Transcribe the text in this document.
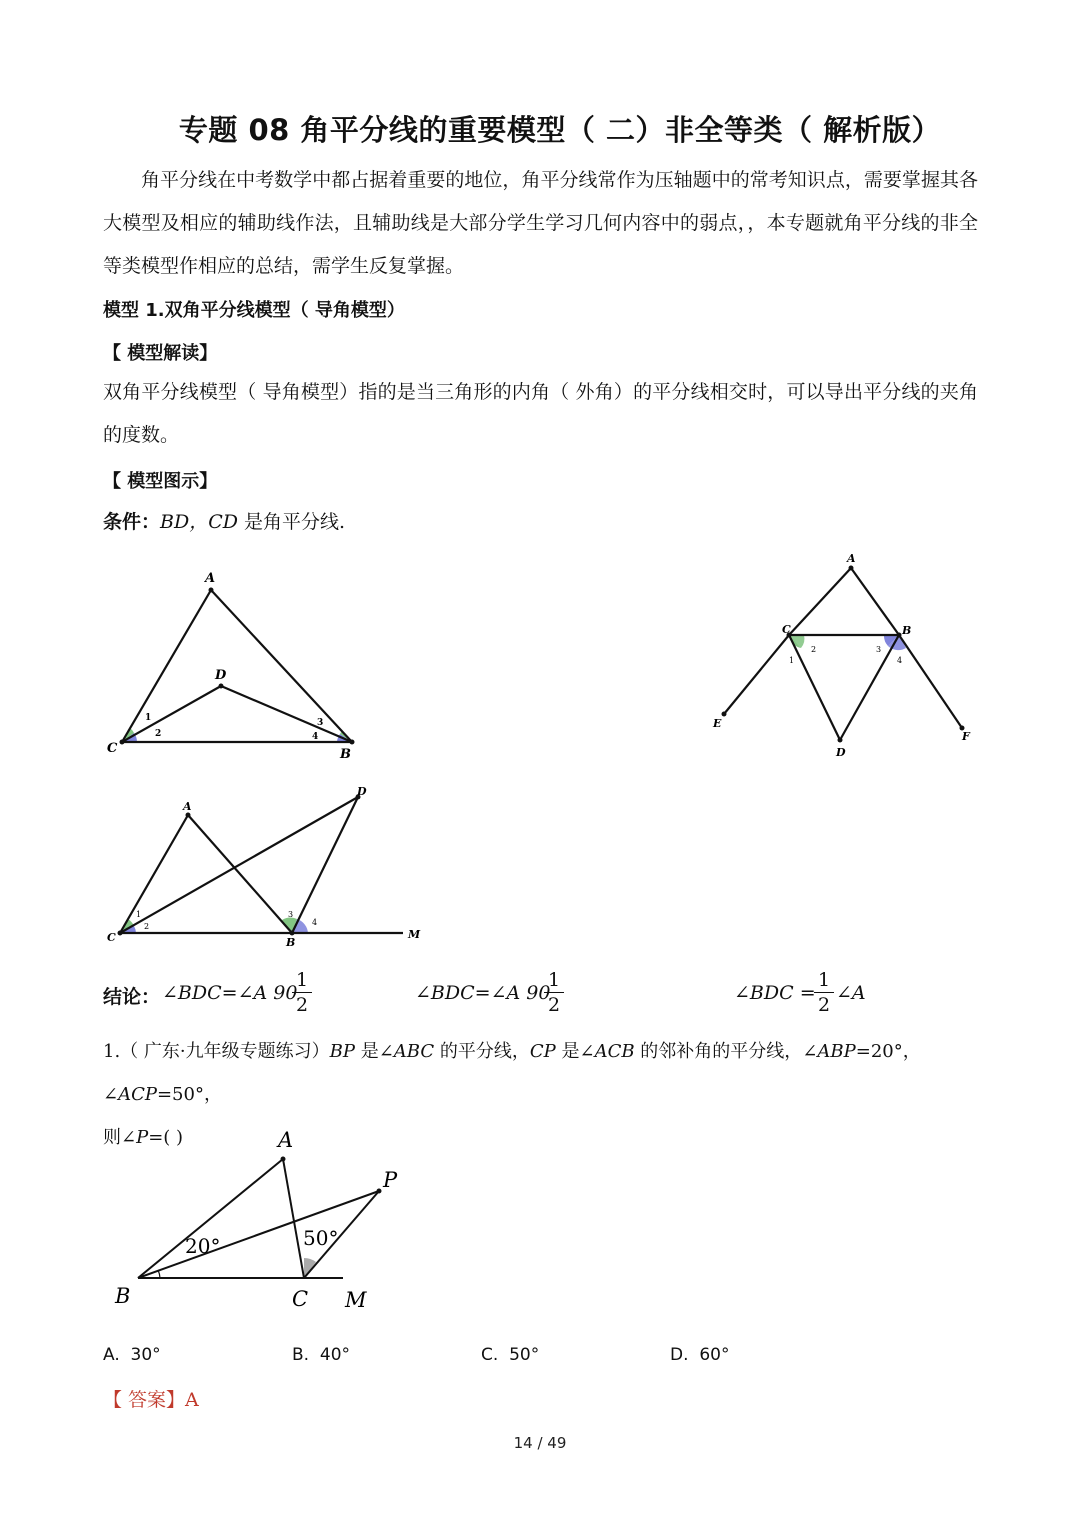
专题 08 角平分线的重要模型（ 二）非全等类（ 解析版）
角平分线在中考数学中都占据着重要的地位，角平分线常作为压轴题中的常考知识点，需要掌握其各大模型及相应的辅助线作法，且辅助线是大部分学生学习几何内容中的弱点，，本专题就角平分线的非全等类模型作相应的总结，需学生反复掌握。
模型 1.双角平分线模型（ 导角模型）
【 模型解读】
双角平分线模型（ 导角模型）指的是当三角形的内角（ 外角）的平分线相交时，可以导出平分线的夹角的度数。
【 模型图示】
条件：BD，CD 是角平分线.
A
D
C	B
1
2
3
4
A
C	B
E
F
D
1
2	3
4
A
D
C	B
M
1
2
3
4
结论： ∠BDC=∠A 90
$\frac{1}{2}$	∠BDC=∠A 90
$\frac{1}{2}$	∠BDC =
$\frac{1}{2}$ ∠A
1.（ 广东·九年级专题练习）BP 是∠ABC 的平分线，CP 是∠ACB 的邻补角的平分线，∠ABP=20°，∠ACP=50°，
则∠P=( )	A
P
B	C M
20°	50°
A. 30°	B. 40°	C. 50°	D. 60°
【 答案】A
14 / 49
